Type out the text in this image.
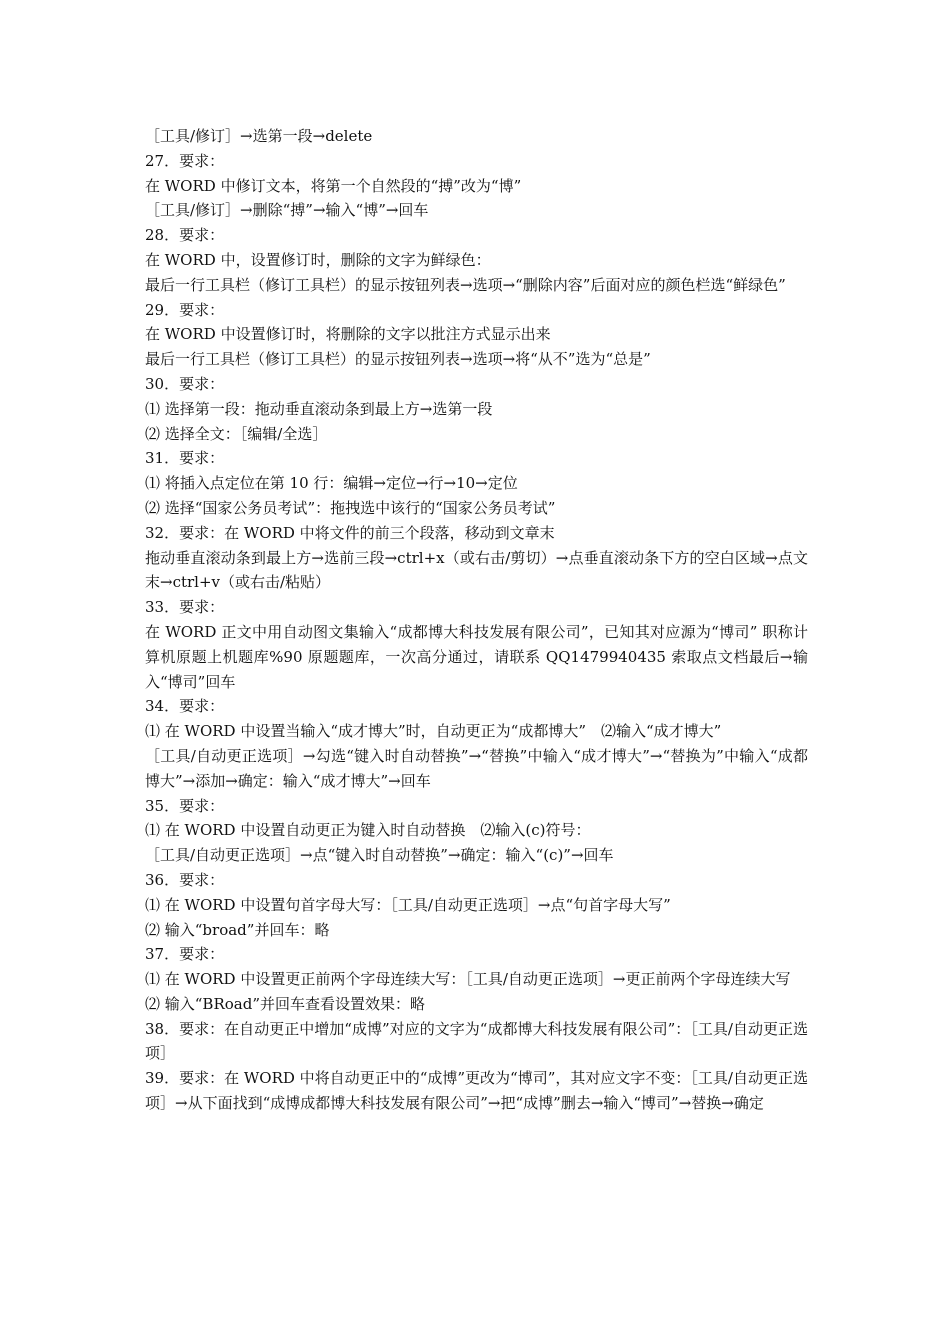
［工具/修订］→选第一段→delete

27．要求：

在 WORD 中修订文本，将第一个自然段的“搏”改为“博”

［工具/修订］→删除“搏”→输入“博”→回车

28．要求：

在 WORD 中，设置修订时，删除的文字为鲜绿色：

最后一行工具栏（修订工具栏）的显示按钮列表→选项→“删除内容”后面对应的颜色栏选“鲜绿色”

29．要求：

在 WORD 中设置修订时，将删除的文字以批注方式显示出来

最后一行工具栏（修订工具栏）的显示按钮列表→选项→将“从不”选为“总是”

30．要求：

⑴ 选择第一段：拖动垂直滚动条到最上方→选第一段

⑵ 选择全文：［编辑/全选］

31．要求：

⑴ 将插入点定位在第 10 行：编辑→定位→行→10→定位

⑵ 选择“国家公务员考试”：拖拽选中该行的“国家公务员考试”

32．要求：在 WORD 中将文件的前三个段落，移动到文章末

拖动垂直滚动条到最上方→选前三段→ctrl+x（或右击/剪切）→点垂直滚动条下方的空白区域→点文末→ctrl+v（或右击/粘贴）

33．要求：

在 WORD 正文中用自动图文集输入“成都博大科技发展有限公司”，已知其对应源为“博司” 职称计算机原题上机题库%90 原题题库，一次高分通过，请联系 QQ1479940435 索取点文档最后→输入“博司”回车

34．要求：

⑴ 在 WORD 中设置当输入“成才博大”时，自动更正为“成都博大”　⑵输入“成才博大”

［工具/自动更正选项］→勾选“键入时自动替换”→“替换”中输入“成才博大”→“替换为”中输入“成都博大”→添加→确定：输入“成才博大”→回车

35．要求：

⑴ 在 WORD 中设置自动更正为键入时自动替换　⑵输入(c)符号：

［工具/自动更正选项］→点“键入时自动替换”→确定：输入“(c)”→回车

36．要求：

⑴ 在 WORD 中设置句首字母大写：［工具/自动更正选项］→点“句首字母大写”

⑵ 输入“broad”并回车：略

37．要求：

⑴ 在 WORD 中设置更正前两个字母连续大写：［工具/自动更正选项］→更正前两个字母连续大写

⑵ 输入“BRoad”并回车查看设置效果：略

38．要求：在自动更正中增加“成博”对应的文字为“成都博大科技发展有限公司”：［工具/自动更正选项］

39．要求：在 WORD 中将自动更正中的“成博”更改为“博司”，其对应文字不变：［工具/自动更正选项］→从下面找到“成博成都博大科技发展有限公司”→把“成博”删去→输入“博司”→替换→确定
